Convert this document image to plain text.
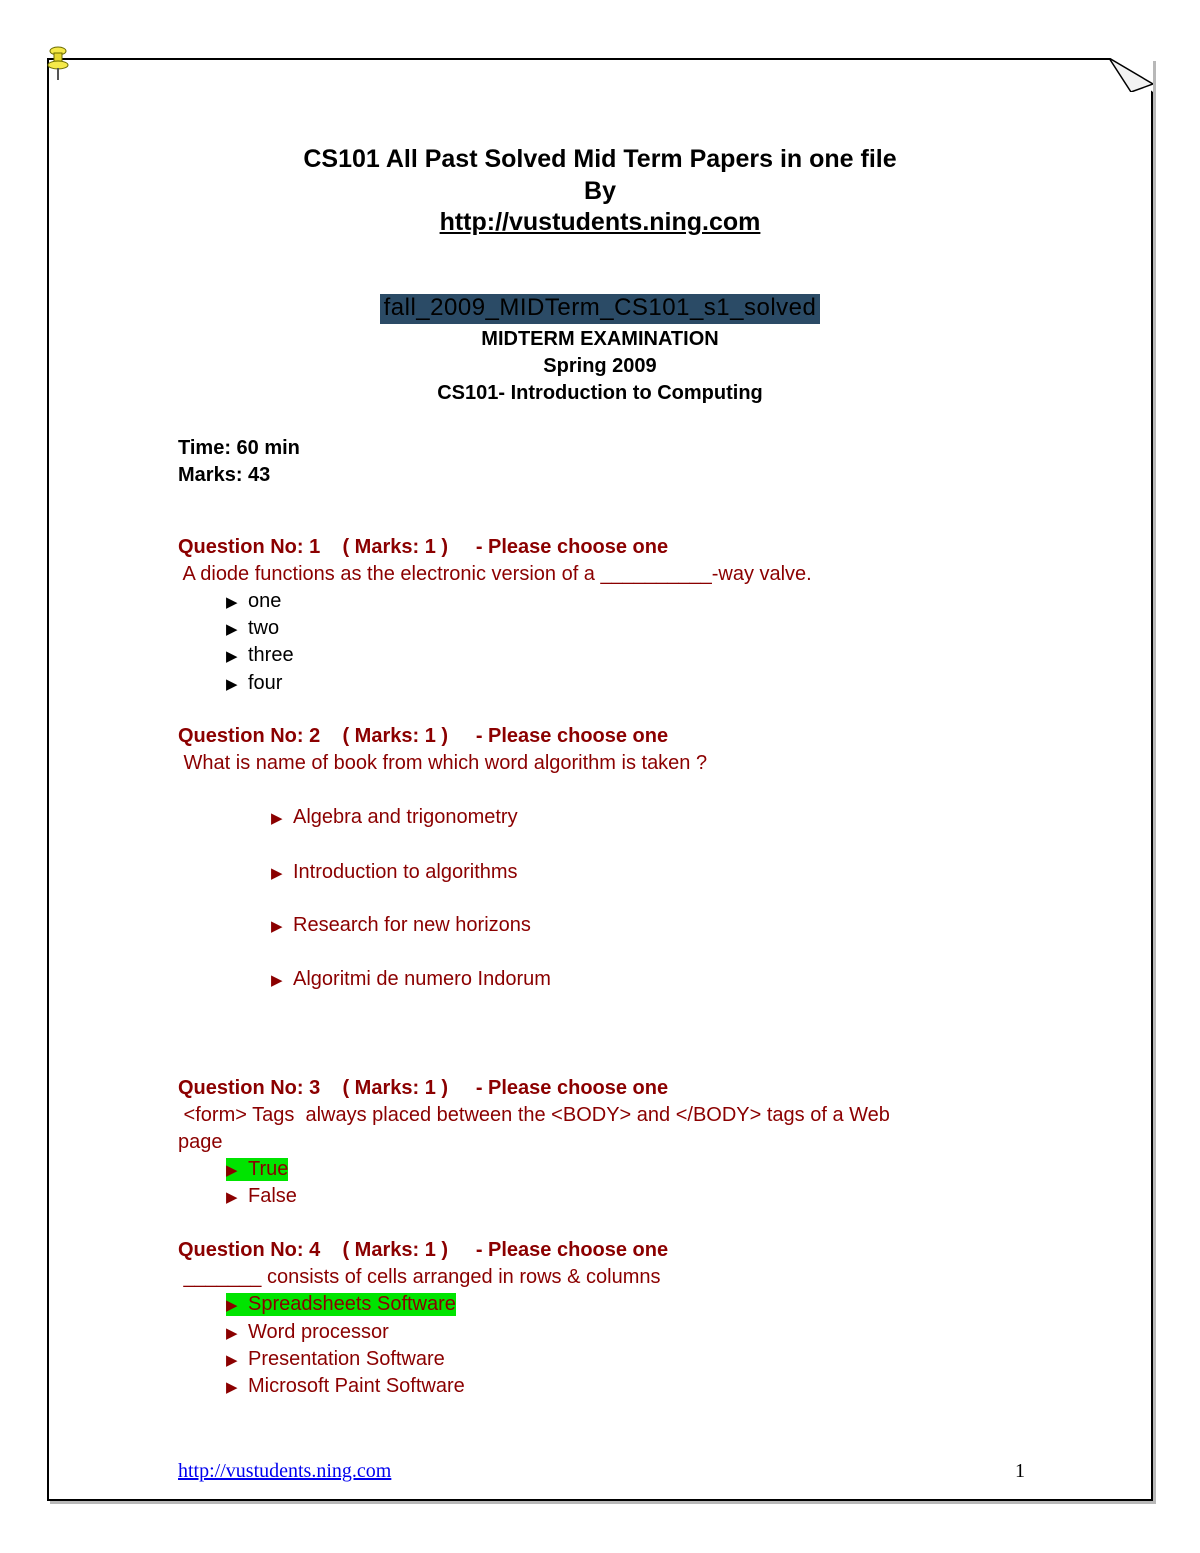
CS101 All Past Solved Mid Term Papers in one file
By
http://vustudents.ning.com
fall_2009_MIDTerm_CS101_s1_solved
MIDTERM EXAMINATION
Spring 2009
CS101- Introduction to Computing
Time: 60 min
Marks: 43
Question No: 1    ( Marks: 1 )     - Please choose one
A diode functions as the electronic version of a __________-way valve.
▶ one
▶ two
▶ three
▶ four
Question No: 2    ( Marks: 1 )     - Please choose one
What is name of book from which word algorithm is taken ?
▶ Algebra and trigonometry
▶ Introduction to algorithms
▶ Research for new horizons
▶ Algoritmi de numero Indorum
Question No: 3    ( Marks: 1 )     - Please choose one
<form> Tags  always placed between the <BODY> and </BODY> tags of a Web
page
▶ True
▶ False
Question No: 4    ( Marks: 1 )     - Please choose one
_______ consists of cells arranged in rows & columns
▶ Spreadsheets Software
▶ Word processor
▶ Presentation Software
▶ Microsoft Paint Software
http://vustudents.ning.com	1
